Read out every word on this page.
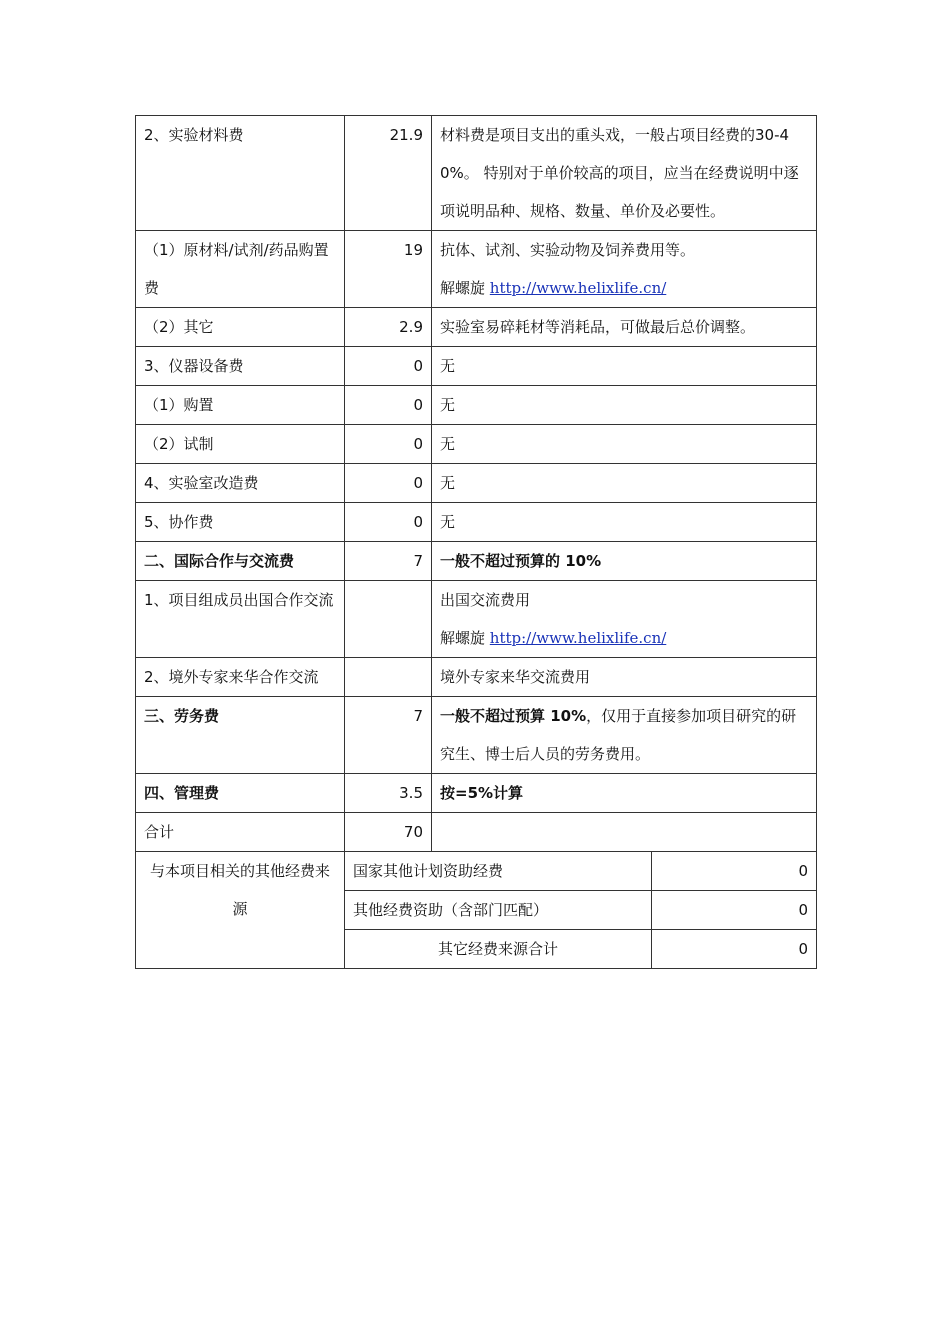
2、实验材料费	21.9	材料费是项目支出的重头戏，一般占项目经费的30-40%。 特别对于单价较高的项目，应当在经费说明中逐项说明品种、规格、数量、单价及必要性。	
（1）原材料/试剂/药品购置费	19	抗体、试剂、实验动物及饲养费用等。
解螺旋 http://www.helixlife.cn/	

（2）其它	2.9	实验室易碎耗材等消耗品，可做最后总价调整。	
3、仪器设备费	0	无	
（1）购置	0	无	
（2）试制	0	无	
4、实验室改造费	0	无	
5、协作费	0	无	
二、国际合作与交流费	7	一般不超过预算的 10%	
1、项目组成员出国合作交流		出国交流费用
解螺旋 http://www.helixlife.cn/	

2、境外专家来华合作交流		境外专家来华交流费用	
三、劳务费	7	一般不超过预算 10%，仅用于直接参加项目研究的研究生、博士后人员的劳务费用。	
四、管理费	3.5	按=5%计算	
合计	70		
与本项目相关的其他经费来源	国家其他计划资助经费		0
	其他经费资助（含部门匹配）		0
	其它经费来源合计		0
